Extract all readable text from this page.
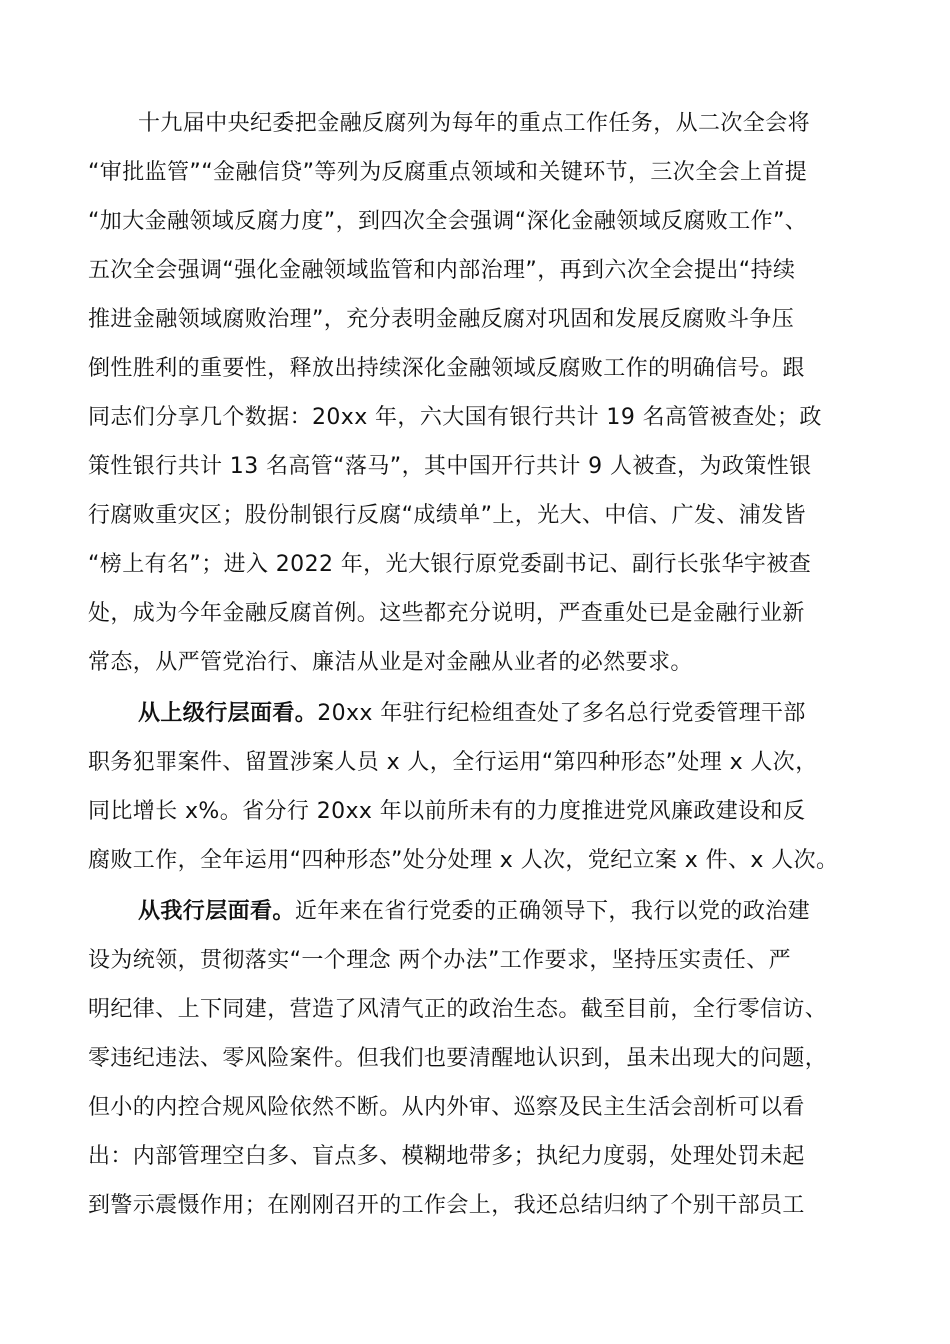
十九届中央纪委把金融反腐列为每年的重点工作任务，从二次全会将
“审批监管”“金融信贷”等列为反腐重点领域和关键环节，三次全会上首提
“加大金融领域反腐力度”，到四次全会强调“深化金融领域反腐败工作”、
五次全会强调“强化金融领域监管和内部治理”，再到六次全会提出“持续
推进金融领域腐败治理”，充分表明金融反腐对巩固和发展反腐败斗争压
倒性胜利的重要性，释放出持续深化金融领域反腐败工作的明确信号。跟
同志们分享几个数据：20xx 年，六大国有银行共计 19 名高管被查处；政
策性银行共计 13 名高管“落马”，其中国开行共计 9 人被查，为政策性银
行腐败重灾区；股份制银行反腐“成绩单”上，光大、中信、广发、浦发皆
“榜上有名”；进入 2022 年，光大银行原党委副书记、副行长张华宇被查
处，成为今年金融反腐首例。这些都充分说明，严查重处已是金融行业新
常态，从严管党治行、廉洁从业是对金融从业者的必然要求。
从上级行层面看。20xx 年驻行纪检组查处了多名总行党委管理干部
职务犯罪案件、留置涉案人员 x 人，全行运用“第四种形态”处理 x 人次，
同比增长 x%。省分行 20xx 年以前所未有的力度推进党风廉政建设和反
腐败工作，全年运用“四种形态”处分处理 x 人次，党纪立案 x 件、x 人次。
从我行层面看。近年来在省行党委的正确领导下，我行以党的政治建
设为统领，贯彻落实“一个理念 两个办法”工作要求，坚持压实责任、严
明纪律、上下同建，营造了风清气正的政治生态。截至目前，全行零信访、
零违纪违法、零风险案件。但我们也要清醒地认识到，虽未出现大的问题，
但小的内控合规风险依然不断。从内外审、巡察及民主生活会剖析可以看
出：内部管理空白多、盲点多、模糊地带多；执纪力度弱，处理处罚未起
到警示震慑作用；在刚刚召开的工作会上，我还总结归纳了个别干部员工
